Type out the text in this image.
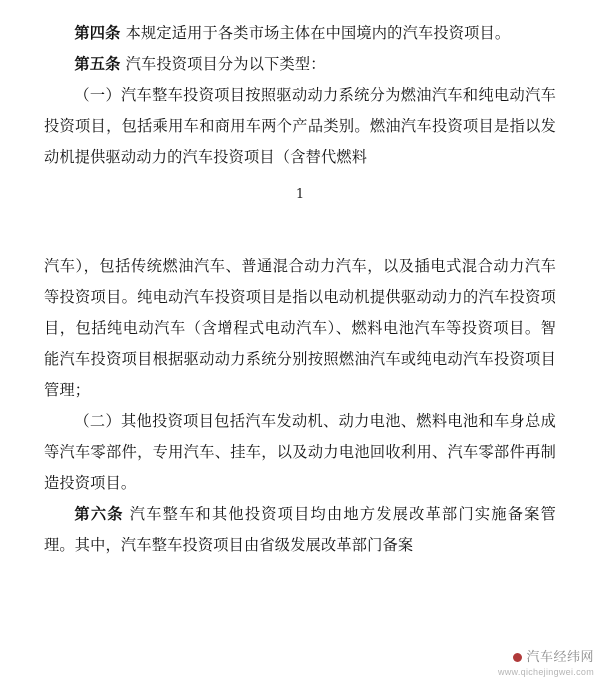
第四条 本规定适用于各类市场主体在中国境内的汽车投资项目。

第五条 汽车投资项目分为以下类型：

（一）汽车整车投资项目按照驱动动力系统分为燃油汽车和纯电动汽车投资项目，包括乘用车和商用车两个产品类别。燃油汽车投资项目是指以发动机提供驱动动力的汽车投资项目（含替代燃料

1

汽车），包括传统燃油汽车、普通混合动力汽车，以及插电式混合动力汽车等投资项目。纯电动汽车投资项目是指以电动机提供驱动动力的汽车投资项目，包括纯电动汽车（含增程式电动汽车）、燃料电池汽车等投资项目。智能汽车投资项目根据驱动动力系统分别按照燃油汽车或纯电动汽车投资项目管理；

（二）其他投资项目包括汽车发动机、动力电池、燃料电池和车身总成等汽车零部件，专用汽车、挂车，以及动力电池回收利用、汽车零部件再制造投资项目。

第六条 汽车整车和其他投资项目均由地方发展改革部门实施备案管理。其中，汽车整车投资项目由省级发展改革部门备案

汽车经纬网
www.qichejingwei.com
